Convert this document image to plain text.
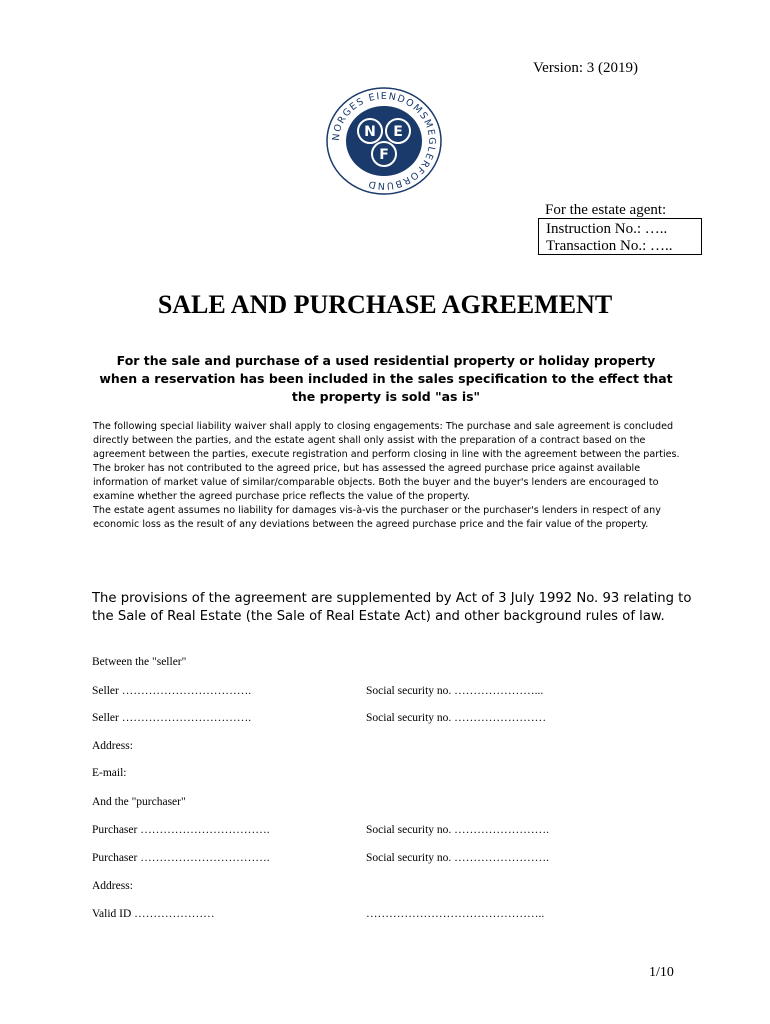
Version: 3 (2019)
NORGES EIENDOMSMEGLERFORBUND
N E
F
For the estate agent:
Instruction No.: …..
Transaction No.: …..
SALE AND PURCHASE AGREEMENT
For the sale and purchase of a used residential property or holiday property when a reservation has been included in the sales specification to the effect that the property is sold "as is"

The following special liability waiver shall apply to closing engagements: The purchase and sale agreement is concluded directly between the parties, and the estate agent shall only assist with the preparation of a contract based on the agreement between the parties, execute registration and perform closing in line with the agreement between the parties. The broker has not contributed to the agreed price, but has assessed the agreed purchase price against available information of market value of similar/comparable objects. Both the buyer and the buyer's lenders are encouraged to examine whether the agreed purchase price reflects the value of the property.

The estate agent assumes no liability for damages vis-à-vis the purchaser or the purchaser's lenders in respect of any economic loss as the result of any deviations between the agreed purchase price and the fair value of the property.

The provisions of the agreement are supplemented by Act of 3 July 1992 No. 93 relating to the Sale of Real Estate (the Sale of Real Estate Act) and other background rules of law.
Between the "seller"
Seller …………………………….	Social security no. …………………...
Seller …………………………….	Social security no. ……………………
Address:
E-mail:
And the "purchaser"
Purchaser …………………………….	Social security no. …………………….
Purchaser …………………………….	Social security no. …………………….
Address:
Valid ID …………………	………………………………………..
1/10
